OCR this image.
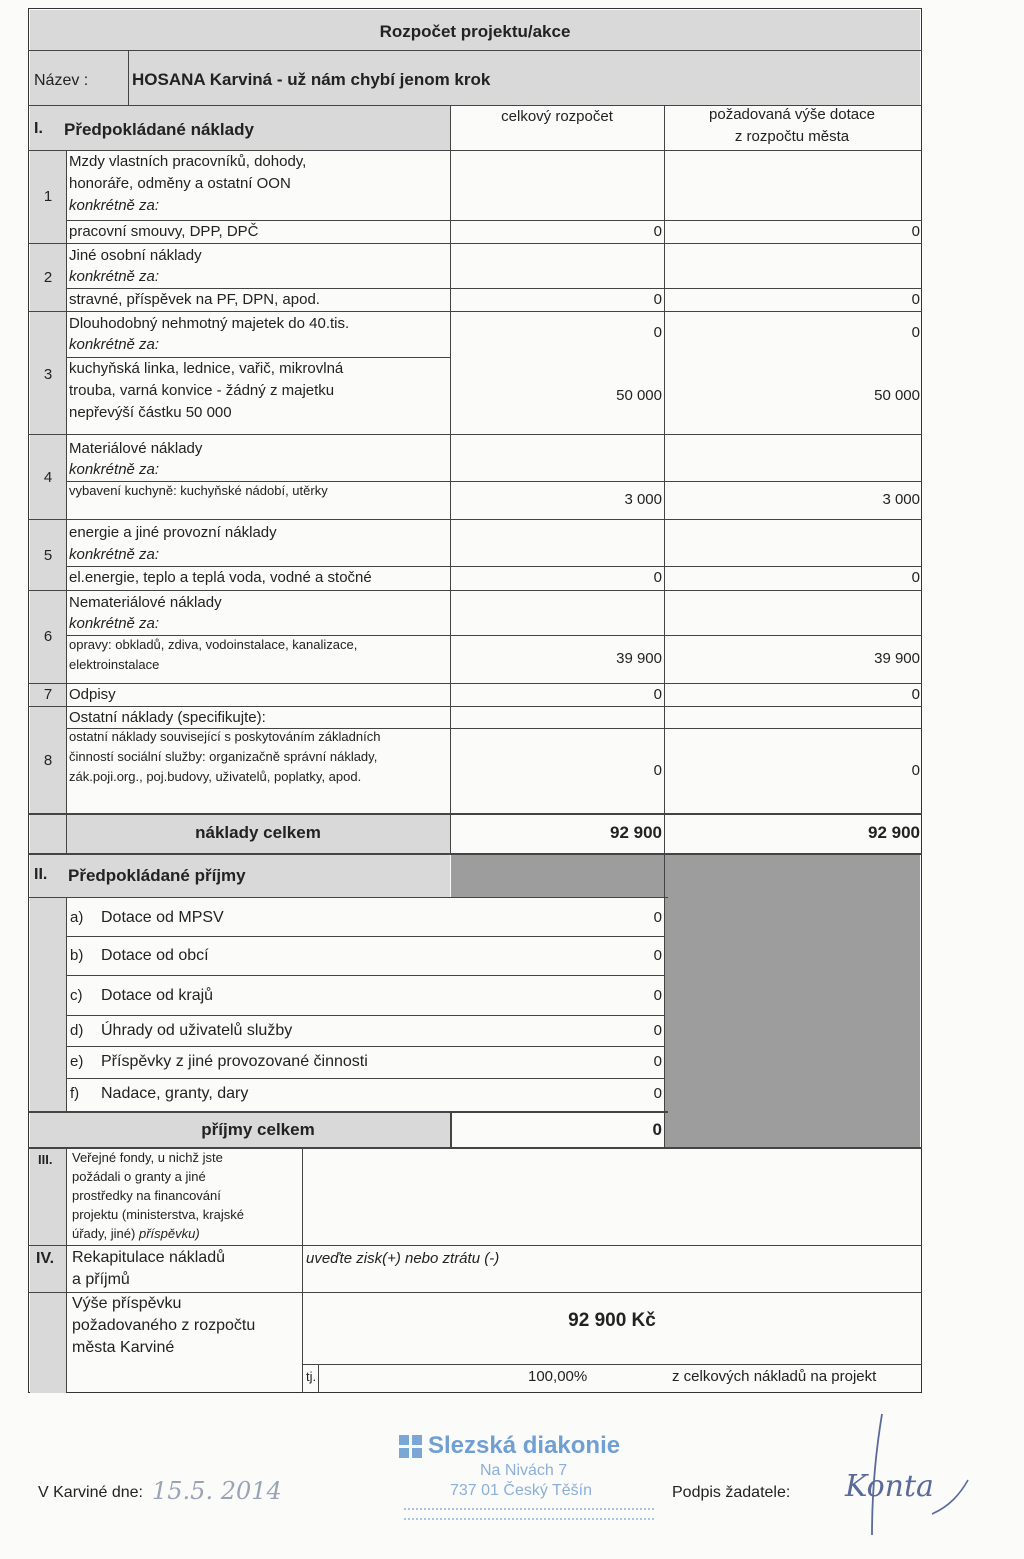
Rozpočet projektu/akce
Název :	HOSANA Karviná - už nám chybí jenom krok
I. Předpokládané náklady
celkový rozpočet	požadovaná výše dotace
z rozpočtu města
1
Mzdy vlastních pracovníků, dohody,
honoráře, odměny a ostatní OON
konkrétně za:
pracovní smouvy, DPP, DPČ	0	0
2
Jiné osobní náklady
konkrétně za:
stravné, příspěvek na PF, DPN, apod.	0	0
3
Dlouhodobný nehmotný majetek do 40.tis.
0	0
konkrétně za:
kuchyňská linka, lednice, vařič, mikrovlná
trouba, varná konvice - žádný z majetku
nepřevýší částku 50 000
50 000	50 000
4
Materiálové náklady
konkrétně za:
vybavení kuchyně: kuchyňské nádobí, utěrky
3 000	3 000
5
energie a jiné provozní náklady
konkrétně za:
el.energie, teplo a teplá voda, vodné a stočné	0	0
6
Nemateriálové náklady
konkrétně za:
opravy: obkladů, zdiva, vodoinstalace, kanalizace,
elektroinstalace	39 900	39 900
7	Odpisy	0	0
8
Ostatní náklady (specifikujte):
ostatní náklady související s poskytováním základních
činností sociální služby: organizačně správní náklady,
zák.poji.org., poj.budovy, uživatelů, poplatky, apod.	0	0
náklady celkem	92 900	92 900
II. Předpokládané příjmy
a) Dotace od MPSV	0
b) Dotace od obcí	0
c) Dotace od krajů	0
d) Úhrady od uživatelů služby	0
e) Příspěvky z jiné provozované činnosti	0
f) Nadace, granty, dary	0
příjmy celkem	0
III. Veřejné fondy, u nichž jste
požádali o granty a jiné
prostředky na financování
projektu (ministerstva, krajské
úřady, jiné) příspěvku)
IV. Rekapitulace nákladů
a příjmů
uveďte zisk(+) nebo ztrátu (-)
Výše příspěvku
požadovaného z rozpočtu
města Karviné
92 900 Kč
tj.	100,00%	z celkových nákladů na projekt
V Karviné dne: 15.5. 2014
Slezská diakonie
Na Nivách 7
737 01 Český Těšín	Podpis žadatele: Konta
